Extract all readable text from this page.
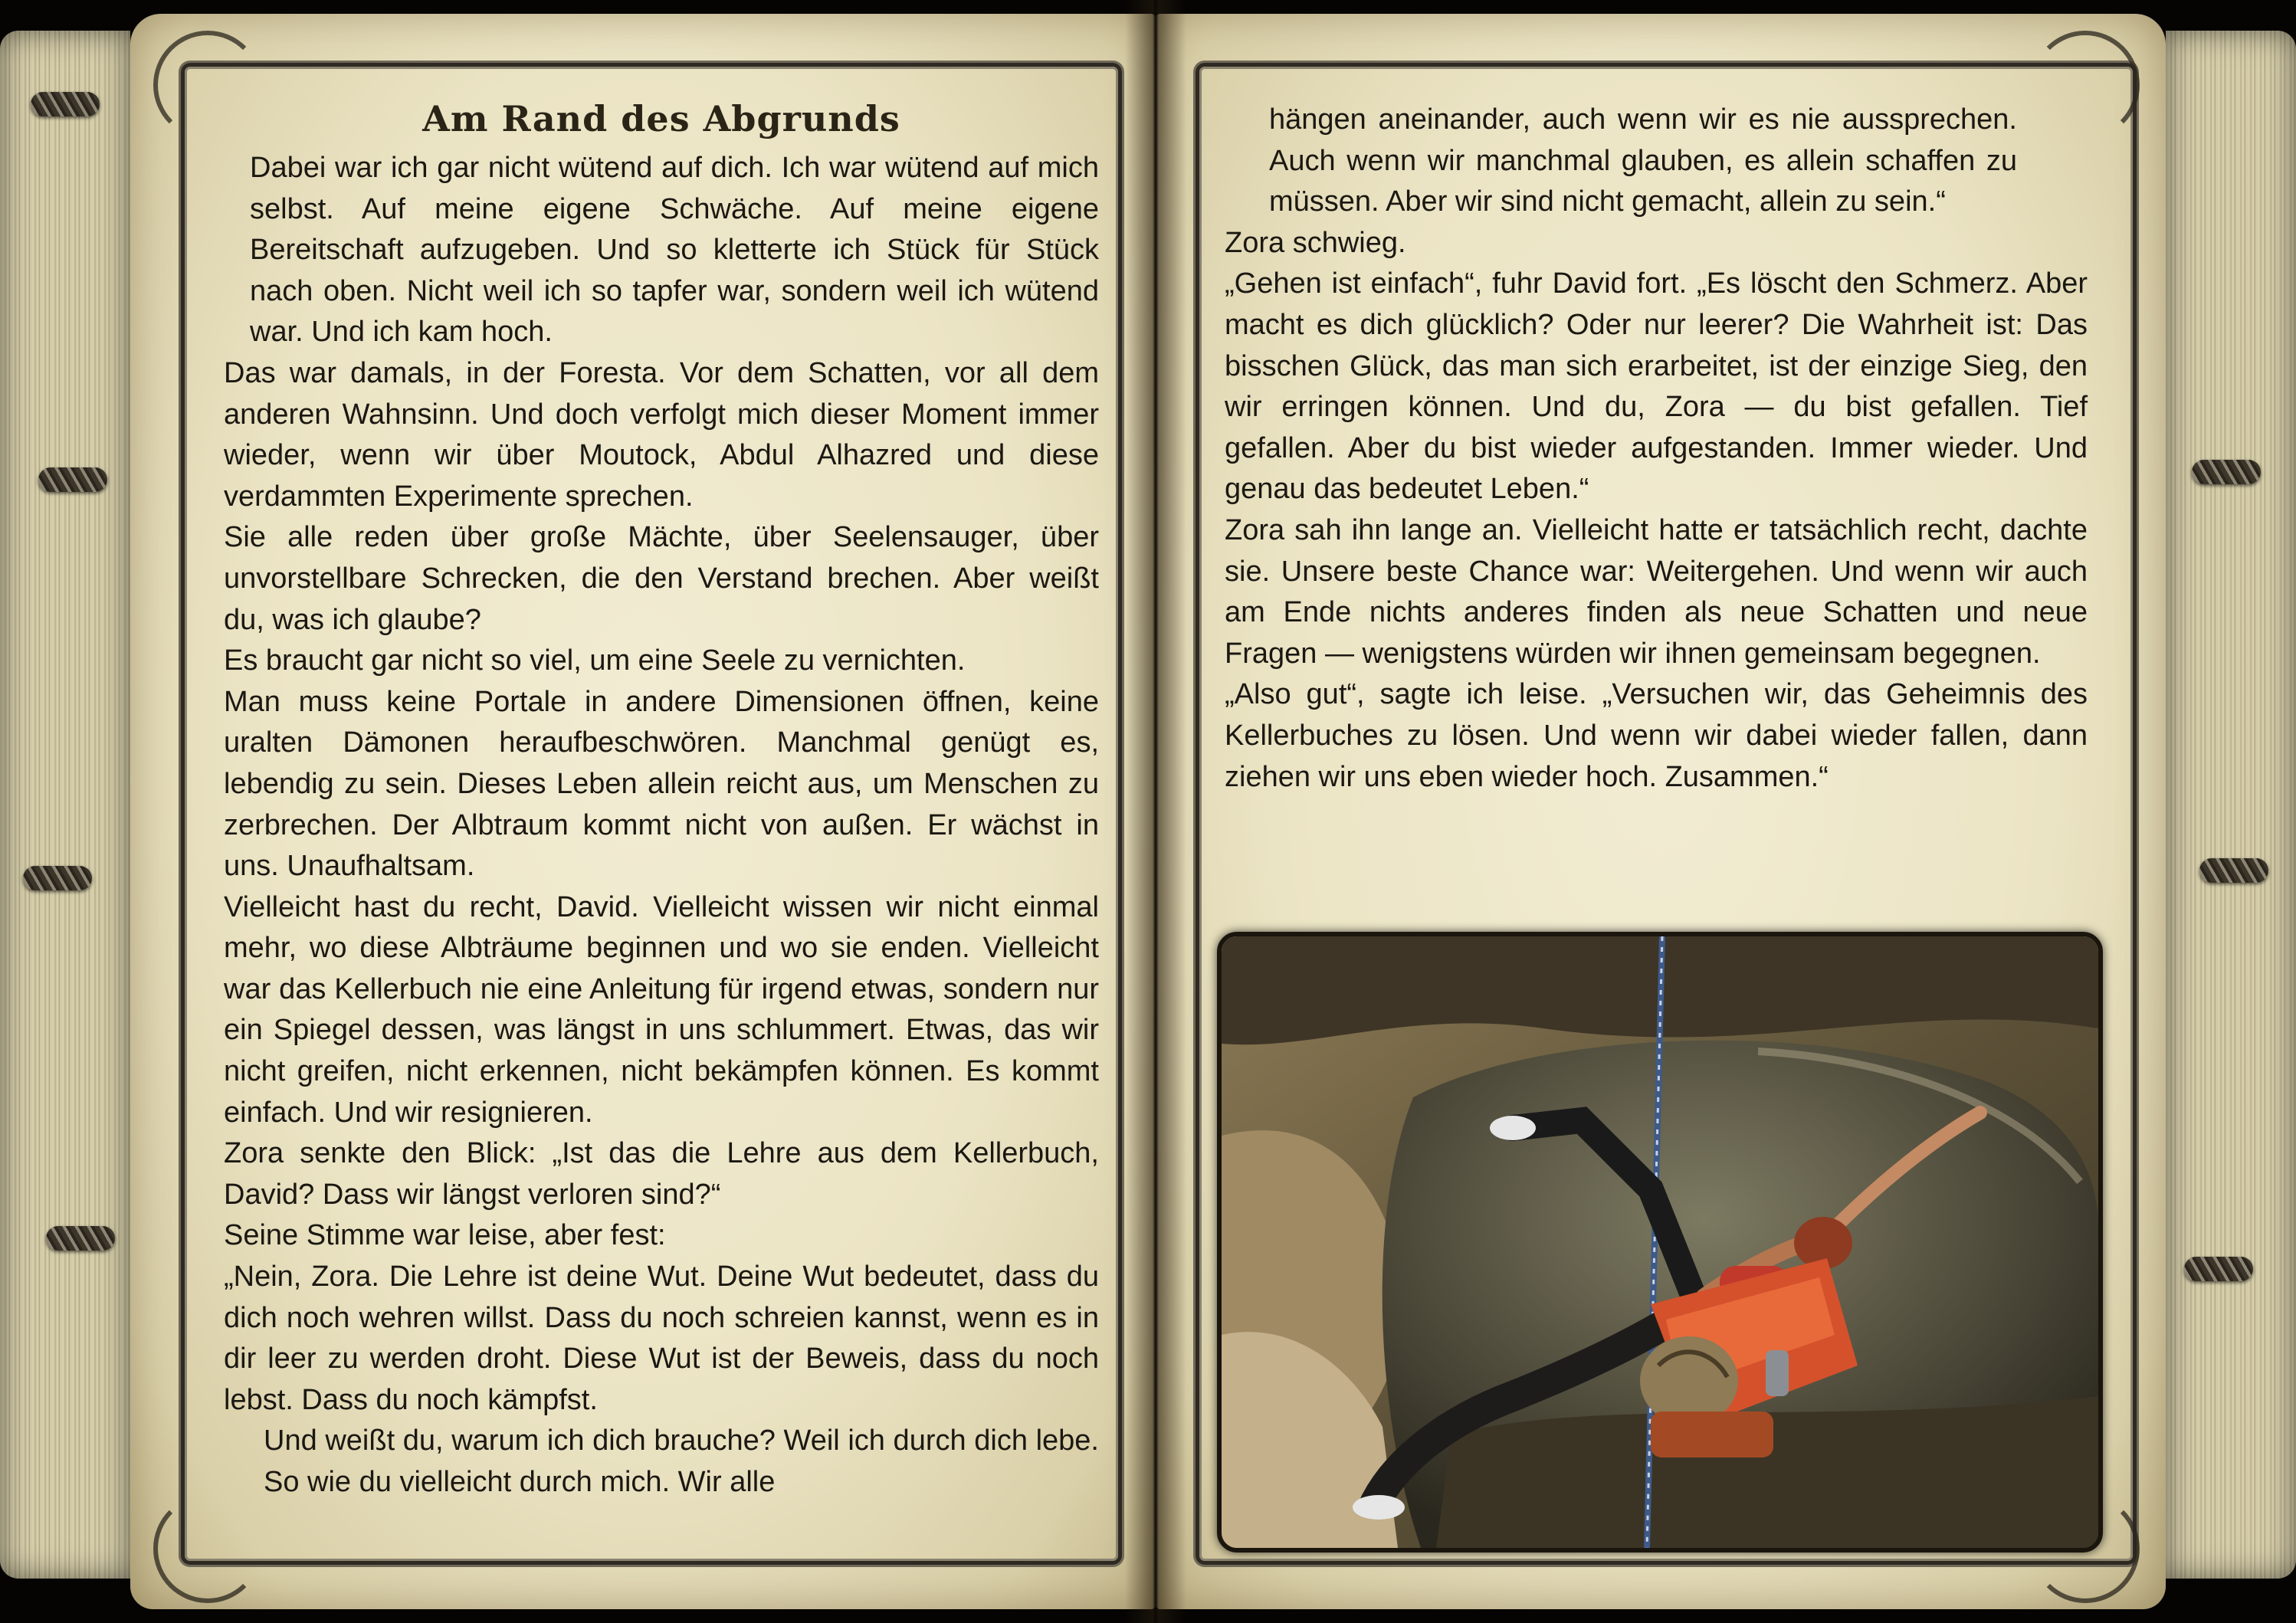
Am Rand des Abgrunds

Dabei war ich gar nicht wütend auf dich. Ich war wütend auf mich selbst. Auf meine eigene Schwäche. Auf meine eigene Bereitschaft aufzugeben. Und so kletterte ich Stück für Stück nach oben. Nicht weil ich so tapfer war, sondern weil ich wütend war. Und ich kam hoch.

Das war damals, in der Foresta. Vor dem Schatten, vor all dem anderen Wahnsinn. Und doch verfolgt mich dieser Moment immer wieder, wenn wir über Moutock, Abdul Alhazred und diese verdammten Experimente sprechen.

Sie alle reden über große Mächte, über Seelensauger, über unvorstellbare Schrecken, die den Verstand brechen. Aber weißt du, was ich glaube?

Es braucht gar nicht so viel, um eine Seele zu vernichten.

Man muss keine Portale in andere Dimensionen öffnen, keine uralten Dämonen heraufbeschwören. Manchmal genügt es, lebendig zu sein. Dieses Leben allein reicht aus, um Menschen zu zerbrechen. Der Albtraum kommt nicht von außen. Er wächst in uns. Unaufhaltsam.

Vielleicht hast du recht, David. Vielleicht wissen wir nicht einmal mehr, wo diese Albträume beginnen und wo sie enden. Vielleicht war das Kellerbuch nie eine Anleitung für irgend etwas, sondern nur ein Spiegel dessen, was längst in uns schlummert. Etwas, das wir nicht greifen, nicht erkennen, nicht bekämpfen können. Es kommt einfach. Und wir resignieren.

Zora senkte den Blick: „Ist das die Lehre aus dem Kellerbuch, David? Dass wir längst verloren sind?“

Seine Stimme war leise, aber fest:

„Nein, Zora. Die Lehre ist deine Wut. Deine Wut bedeutet, dass du dich noch wehren willst. Dass du noch schreien kannst, wenn es in dir leer zu werden droht. Diese Wut ist der Beweis, dass du noch lebst. Dass du noch kämpfst.

Und weißt du, warum ich dich brauche? Weil ich durch dich lebe. So wie du vielleicht durch mich. Wir alle

hängen aneinander, auch wenn wir es nie aussprechen. Auch wenn wir manchmal glauben, es allein schaffen zu müssen. Aber wir sind nicht gemacht, allein zu sein.“

Zora schwieg.

„Gehen ist einfach“, fuhr David fort. „Es löscht den Schmerz. Aber macht es dich glücklich? Oder nur leerer? Die Wahrheit ist: Das bisschen Glück, das man sich erarbeitet, ist der einzige Sieg, den wir erringen können. Und du, Zora — du bist gefallen. Tief gefallen. Aber du bist wieder aufgestanden. Immer wieder. Und genau das bedeutet Leben.“

Zora sah ihn lange an. Vielleicht hatte er tatsächlich recht, dachte sie. Unsere beste Chance war: Weitergehen. Und wenn wir auch am Ende nichts anderes finden als neue Schatten und neue Fragen — wenigstens würden wir ihnen gemeinsam begegnen.

„Also gut“, sagte ich leise. „Versuchen wir, das Geheimnis des Kellerbuches zu lösen. Und wenn wir dabei wieder fallen, dann ziehen wir uns eben wieder hoch. Zusammen.“
